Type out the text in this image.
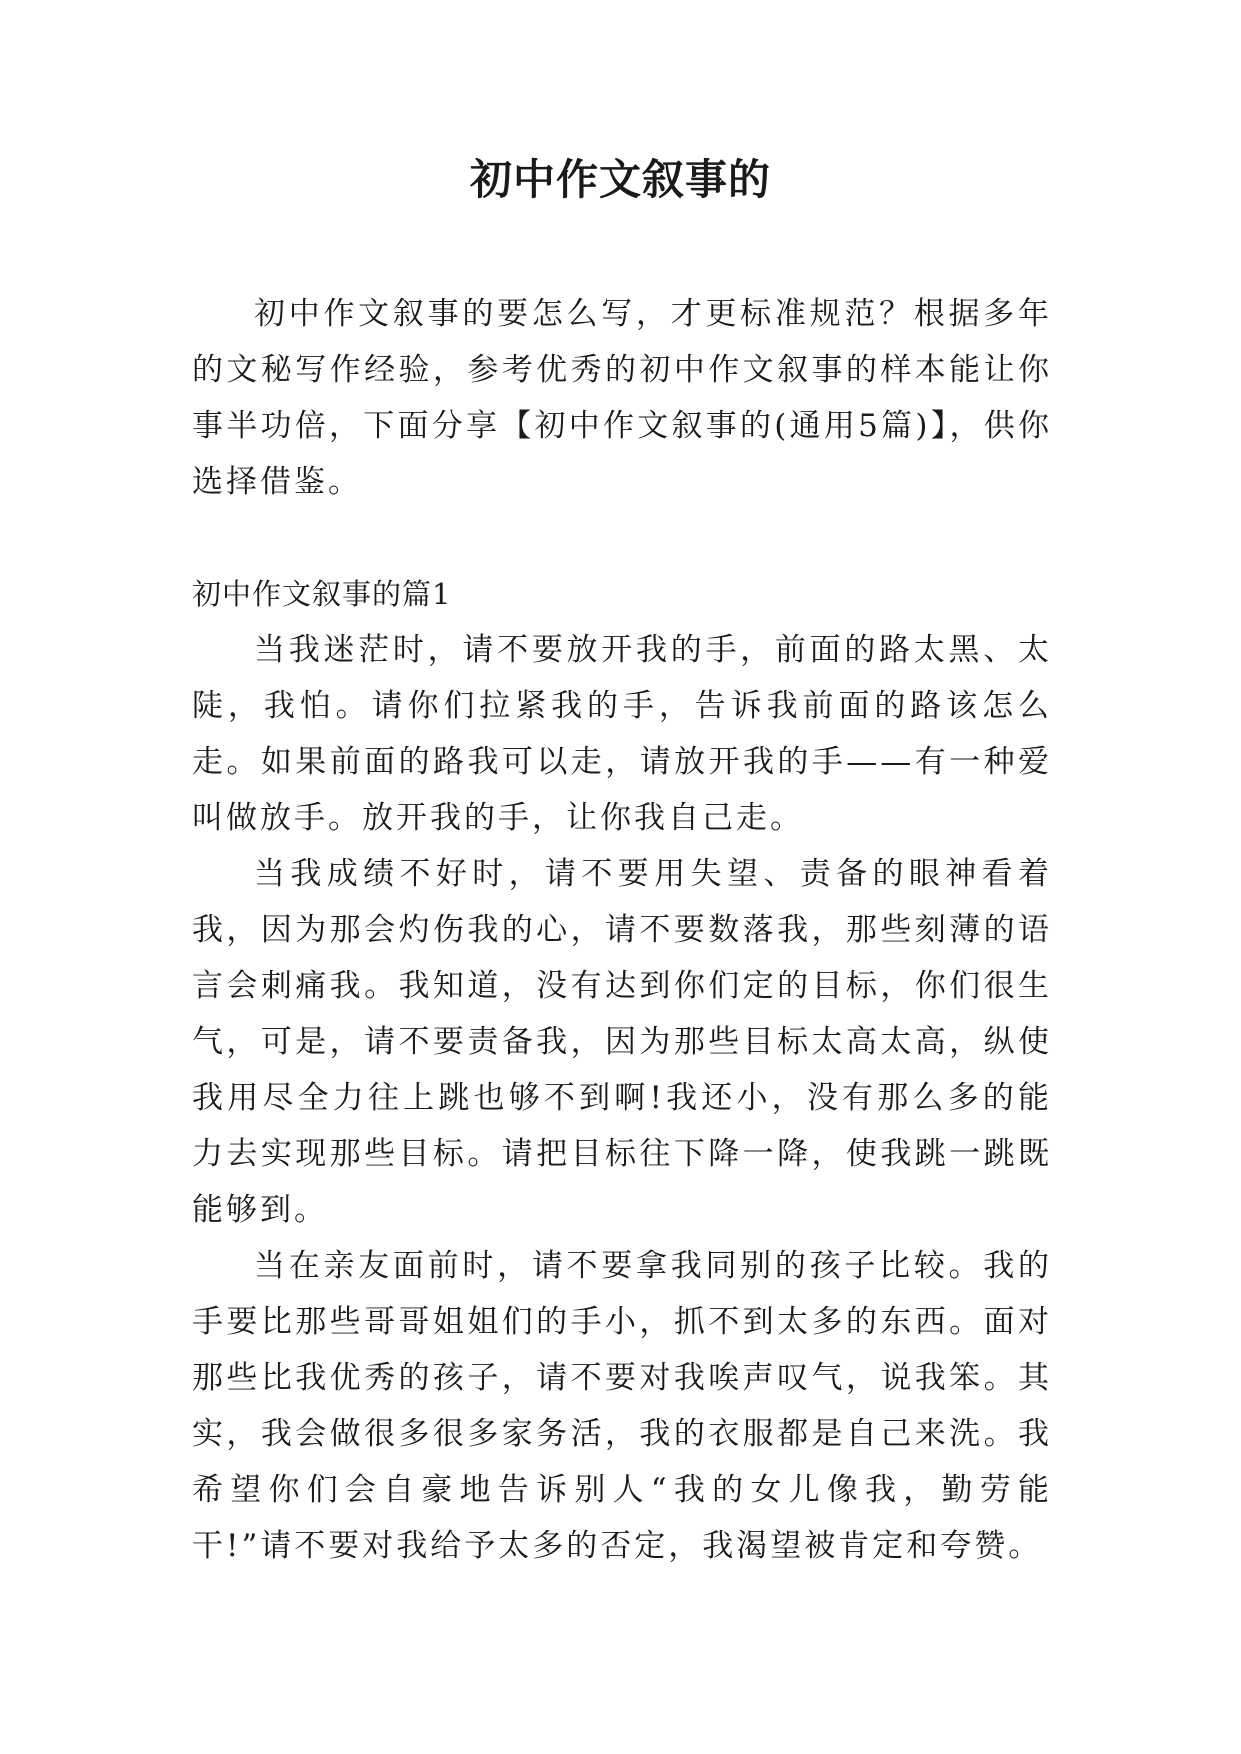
初中作文叙事的

初中作文叙事的要怎么写，才更标准规范？根据多年的文秘写作经验，参考优秀的初中作文叙事的样本能让你事半功倍，下面分享【初中作文叙事的(通用5篇)】，供你选择借鉴。

初中作文叙事的篇1

当我迷茫时，请不要放开我的手，前面的路太黑、太陡，我怕。请你们拉紧我的手，告诉我前面的路该怎么走。如果前面的路我可以走，请放开我的手——有一种爱叫做放手。放开我的手，让你我自己走。

当我成绩不好时，请不要用失望、责备的眼神看着我，因为那会灼伤我的心，请不要数落我，那些刻薄的语言会刺痛我。我知道，没有达到你们定的目标，你们很生气，可是，请不要责备我，因为那些目标太高太高，纵使我用尽全力往上跳也够不到啊!我还小，没有那么多的能力去实现那些目标。请把目标往下降一降，使我跳一跳既能够到。

当在亲友面前时，请不要拿我同别的孩子比较。我的手要比那些哥哥姐姐们的手小，抓不到太多的东西。面对那些比我优秀的孩子，请不要对我唉声叹气，说我笨。其实，我会做很多很多家务活，我的衣服都是自己来洗。我希望你们会自豪地告诉别人“我的女儿像我，勤劳能干!”请不要对我给予太多的否定，我渴望被肯定和夸赞。
